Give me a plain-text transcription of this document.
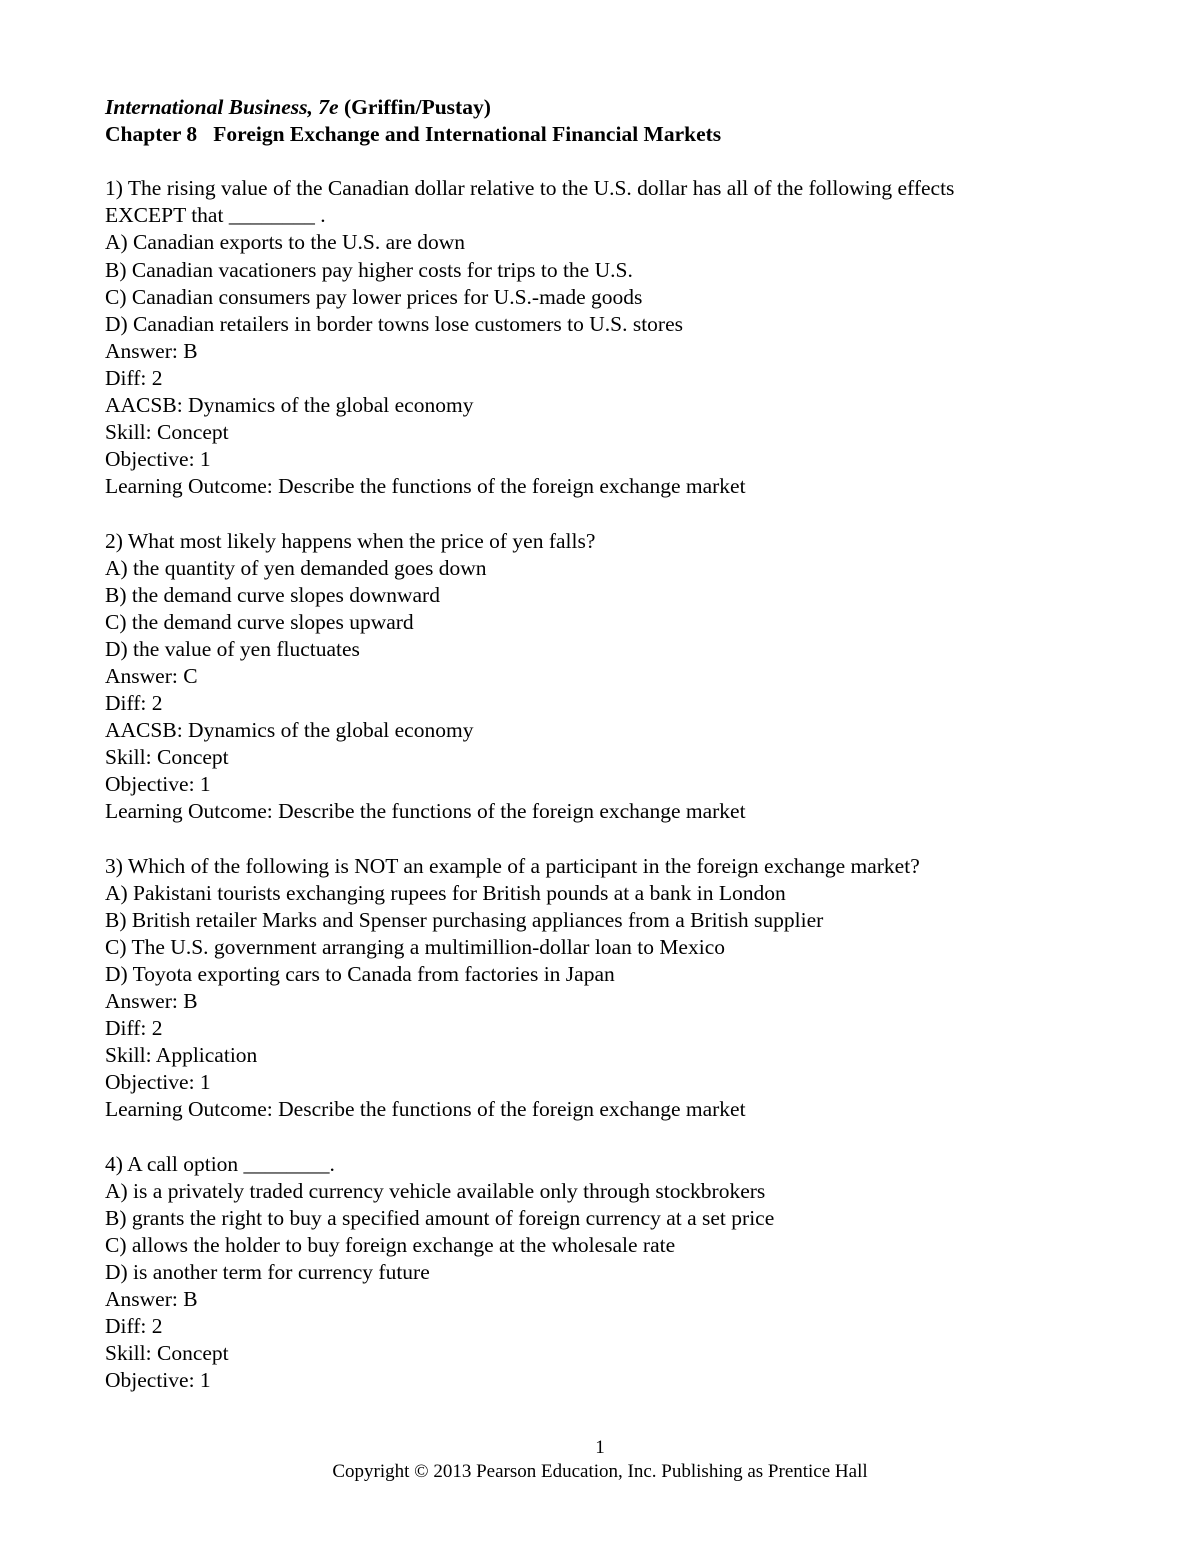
International Business, 7e (Griffin/Pustay)

Chapter 8   Foreign Exchange and International Financial Markets

1) The rising value of the Canadian dollar relative to the U.S. dollar has all of the following effects

EXCEPT that ________ .

A) Canadian exports to the U.S. are down

B) Canadian vacationers pay higher costs for trips to the U.S.

C) Canadian consumers pay lower prices for U.S.-made goods

D) Canadian retailers in border towns lose customers to U.S. stores

Answer: B

Diff: 2

AACSB: Dynamics of the global economy

Skill: Concept

Objective: 1

Learning Outcome: Describe the functions of the foreign exchange market

2) What most likely happens when the price of yen falls?

A) the quantity of yen demanded goes down

B) the demand curve slopes downward

C) the demand curve slopes upward

D) the value of yen fluctuates

Answer: C

Diff: 2

AACSB: Dynamics of the global economy

Skill: Concept

Objective: 1

Learning Outcome: Describe the functions of the foreign exchange market

3) Which of the following is NOT an example of a participant in the foreign exchange market?

A) Pakistani tourists exchanging rupees for British pounds at a bank in London

B) British retailer Marks and Spenser purchasing appliances from a British supplier

C) The U.S. government arranging a multimillion-dollar loan to Mexico

D) Toyota exporting cars to Canada from factories in Japan

Answer: B

Diff: 2

Skill: Application

Objective: 1

Learning Outcome: Describe the functions of the foreign exchange market

4) A call option ________.

A) is a privately traded currency vehicle available only through stockbrokers

B) grants the right to buy a specified amount of foreign currency at a set price

C) allows the holder to buy foreign exchange at the wholesale rate

D) is another term for currency future

Answer: B

Diff: 2

Skill: Concept

Objective: 1

1
Copyright © 2013 Pearson Education, Inc. Publishing as Prentice Hall
